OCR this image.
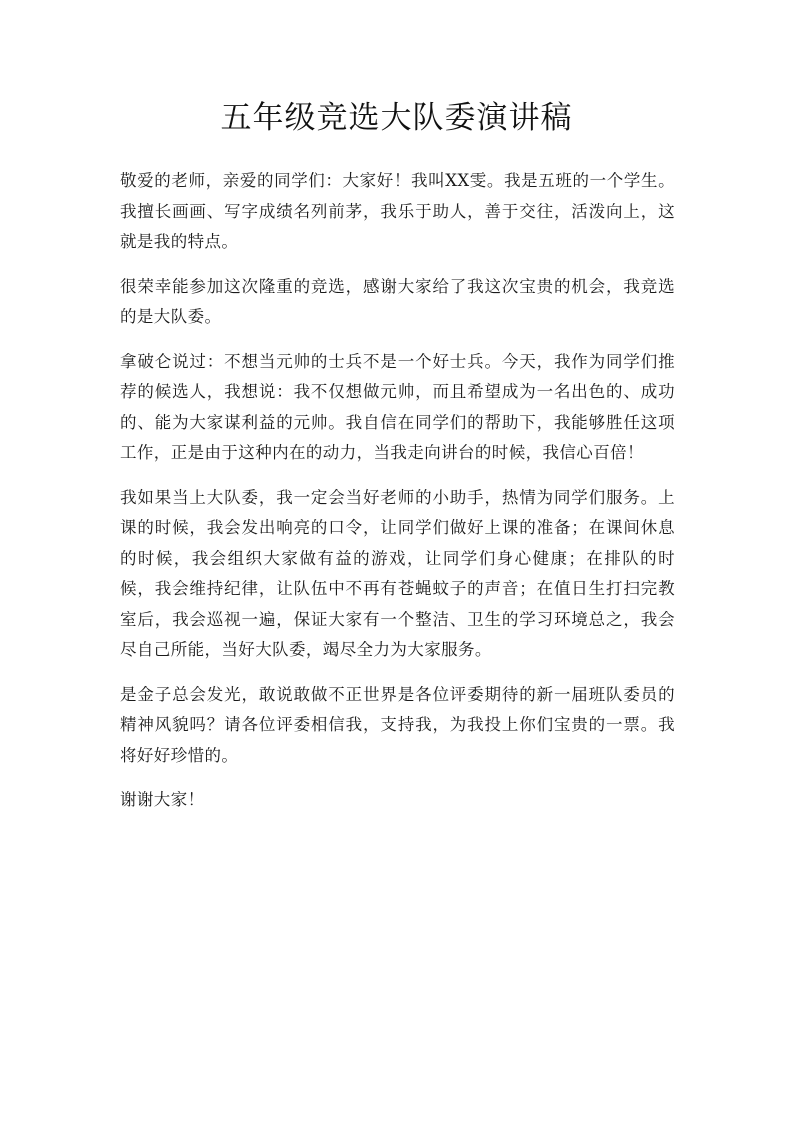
五年级竞选大队委演讲稿

敬爱的老师，亲爱的同学们：大家好！我叫XX雯。我是五班的一个学生。我擅长画画、写字成绩名列前茅，我乐于助人，善于交往，活泼向上，这就是我的特点。

很荣幸能参加这次隆重的竞选，感谢大家给了我这次宝贵的机会，我竞选的是大队委。

拿破仑说过：不想当元帅的士兵不是一个好士兵。今天，我作为同学们推荐的候选人，我想说：我不仅想做元帅，而且希望成为一名出色的、成功的、能为大家谋利益的元帅。我自信在同学们的帮助下，我能够胜任这项工作，正是由于这种内在的动力，当我走向讲台的时候，我信心百倍！

我如果当上大队委，我一定会当好老师的小助手，热情为同学们服务。上课的时候，我会发出响亮的口令，让同学们做好上课的准备；在课间休息的时候，我会组织大家做有益的游戏，让同学们身心健康；在排队的时候，我会维持纪律，让队伍中不再有苍蝇蚊子的声音；在值日生打扫完教室后，我会巡视一遍，保证大家有一个整洁、卫生的学习环境总之，我会尽自己所能，当好大队委，竭尽全力为大家服务。

是金子总会发光，敢说敢做不正世界是各位评委期待的新一届班队委员的精神风貌吗？请各位评委相信我，支持我，为我投上你们宝贵的一票。我将好好珍惜的。

谢谢大家！
